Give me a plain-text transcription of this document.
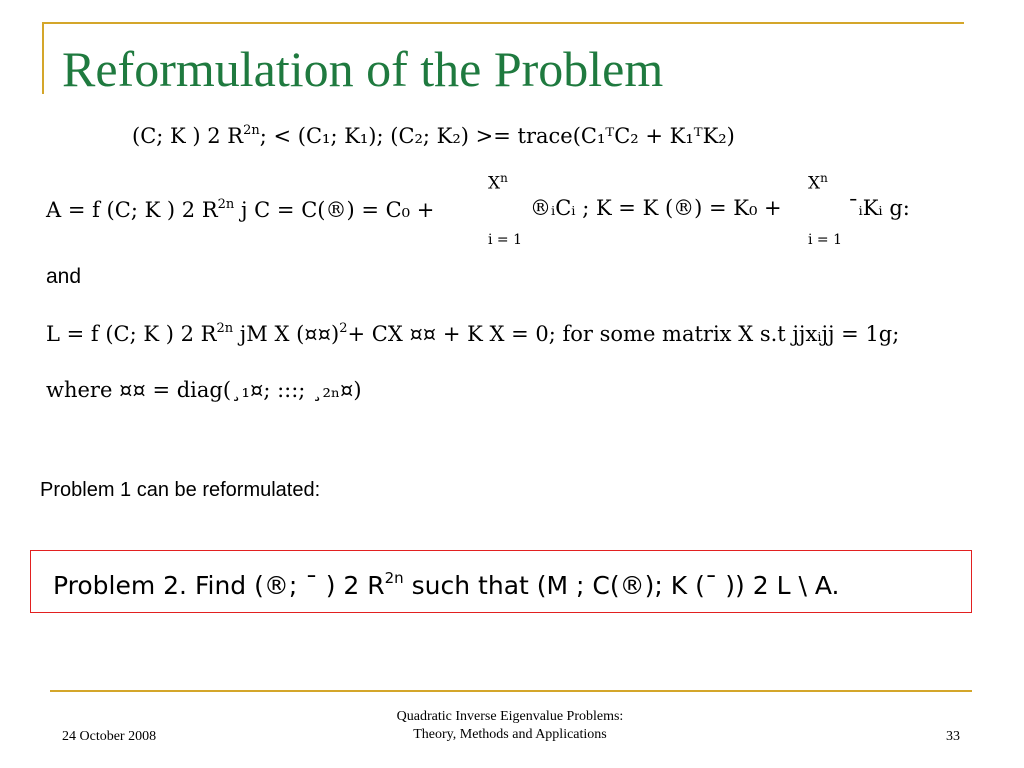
Reformulation of the Problem
(C; K ) 2 $R^{2n}$; < (C₁; K₁); (C₂; K₂) >= trace(C₁ᵀC₂ + K₁ᵀK₂)
A = f (C; K ) 2 $R^{2n}$ j C = C(®) = C₀ +
$X^n$
i = 1
®ᵢCᵢ ; K = K (®) = K₀ +
$X^n$
i = 1
¯ᵢKᵢ g:
and
L = f (C; K ) 2 $R^{2n}$ jM X (¤¤)$^2$+ CX ¤¤ + K X = 0; for some matrix X s.t jjxᵢjj = 1g;
where ¤¤ = diag(¸₁¤; :::; ¸₂ₙ¤)
Problem 1 can be reformulated:
Problem 2. Find (®; ¯ ) 2 $R^{2n}$ such that (M ; C(®); K (¯ )) 2 L \ A.
24 October 2008
Quadratic Inverse Eigenvalue Problems:
Theory, Methods and Applications	33
